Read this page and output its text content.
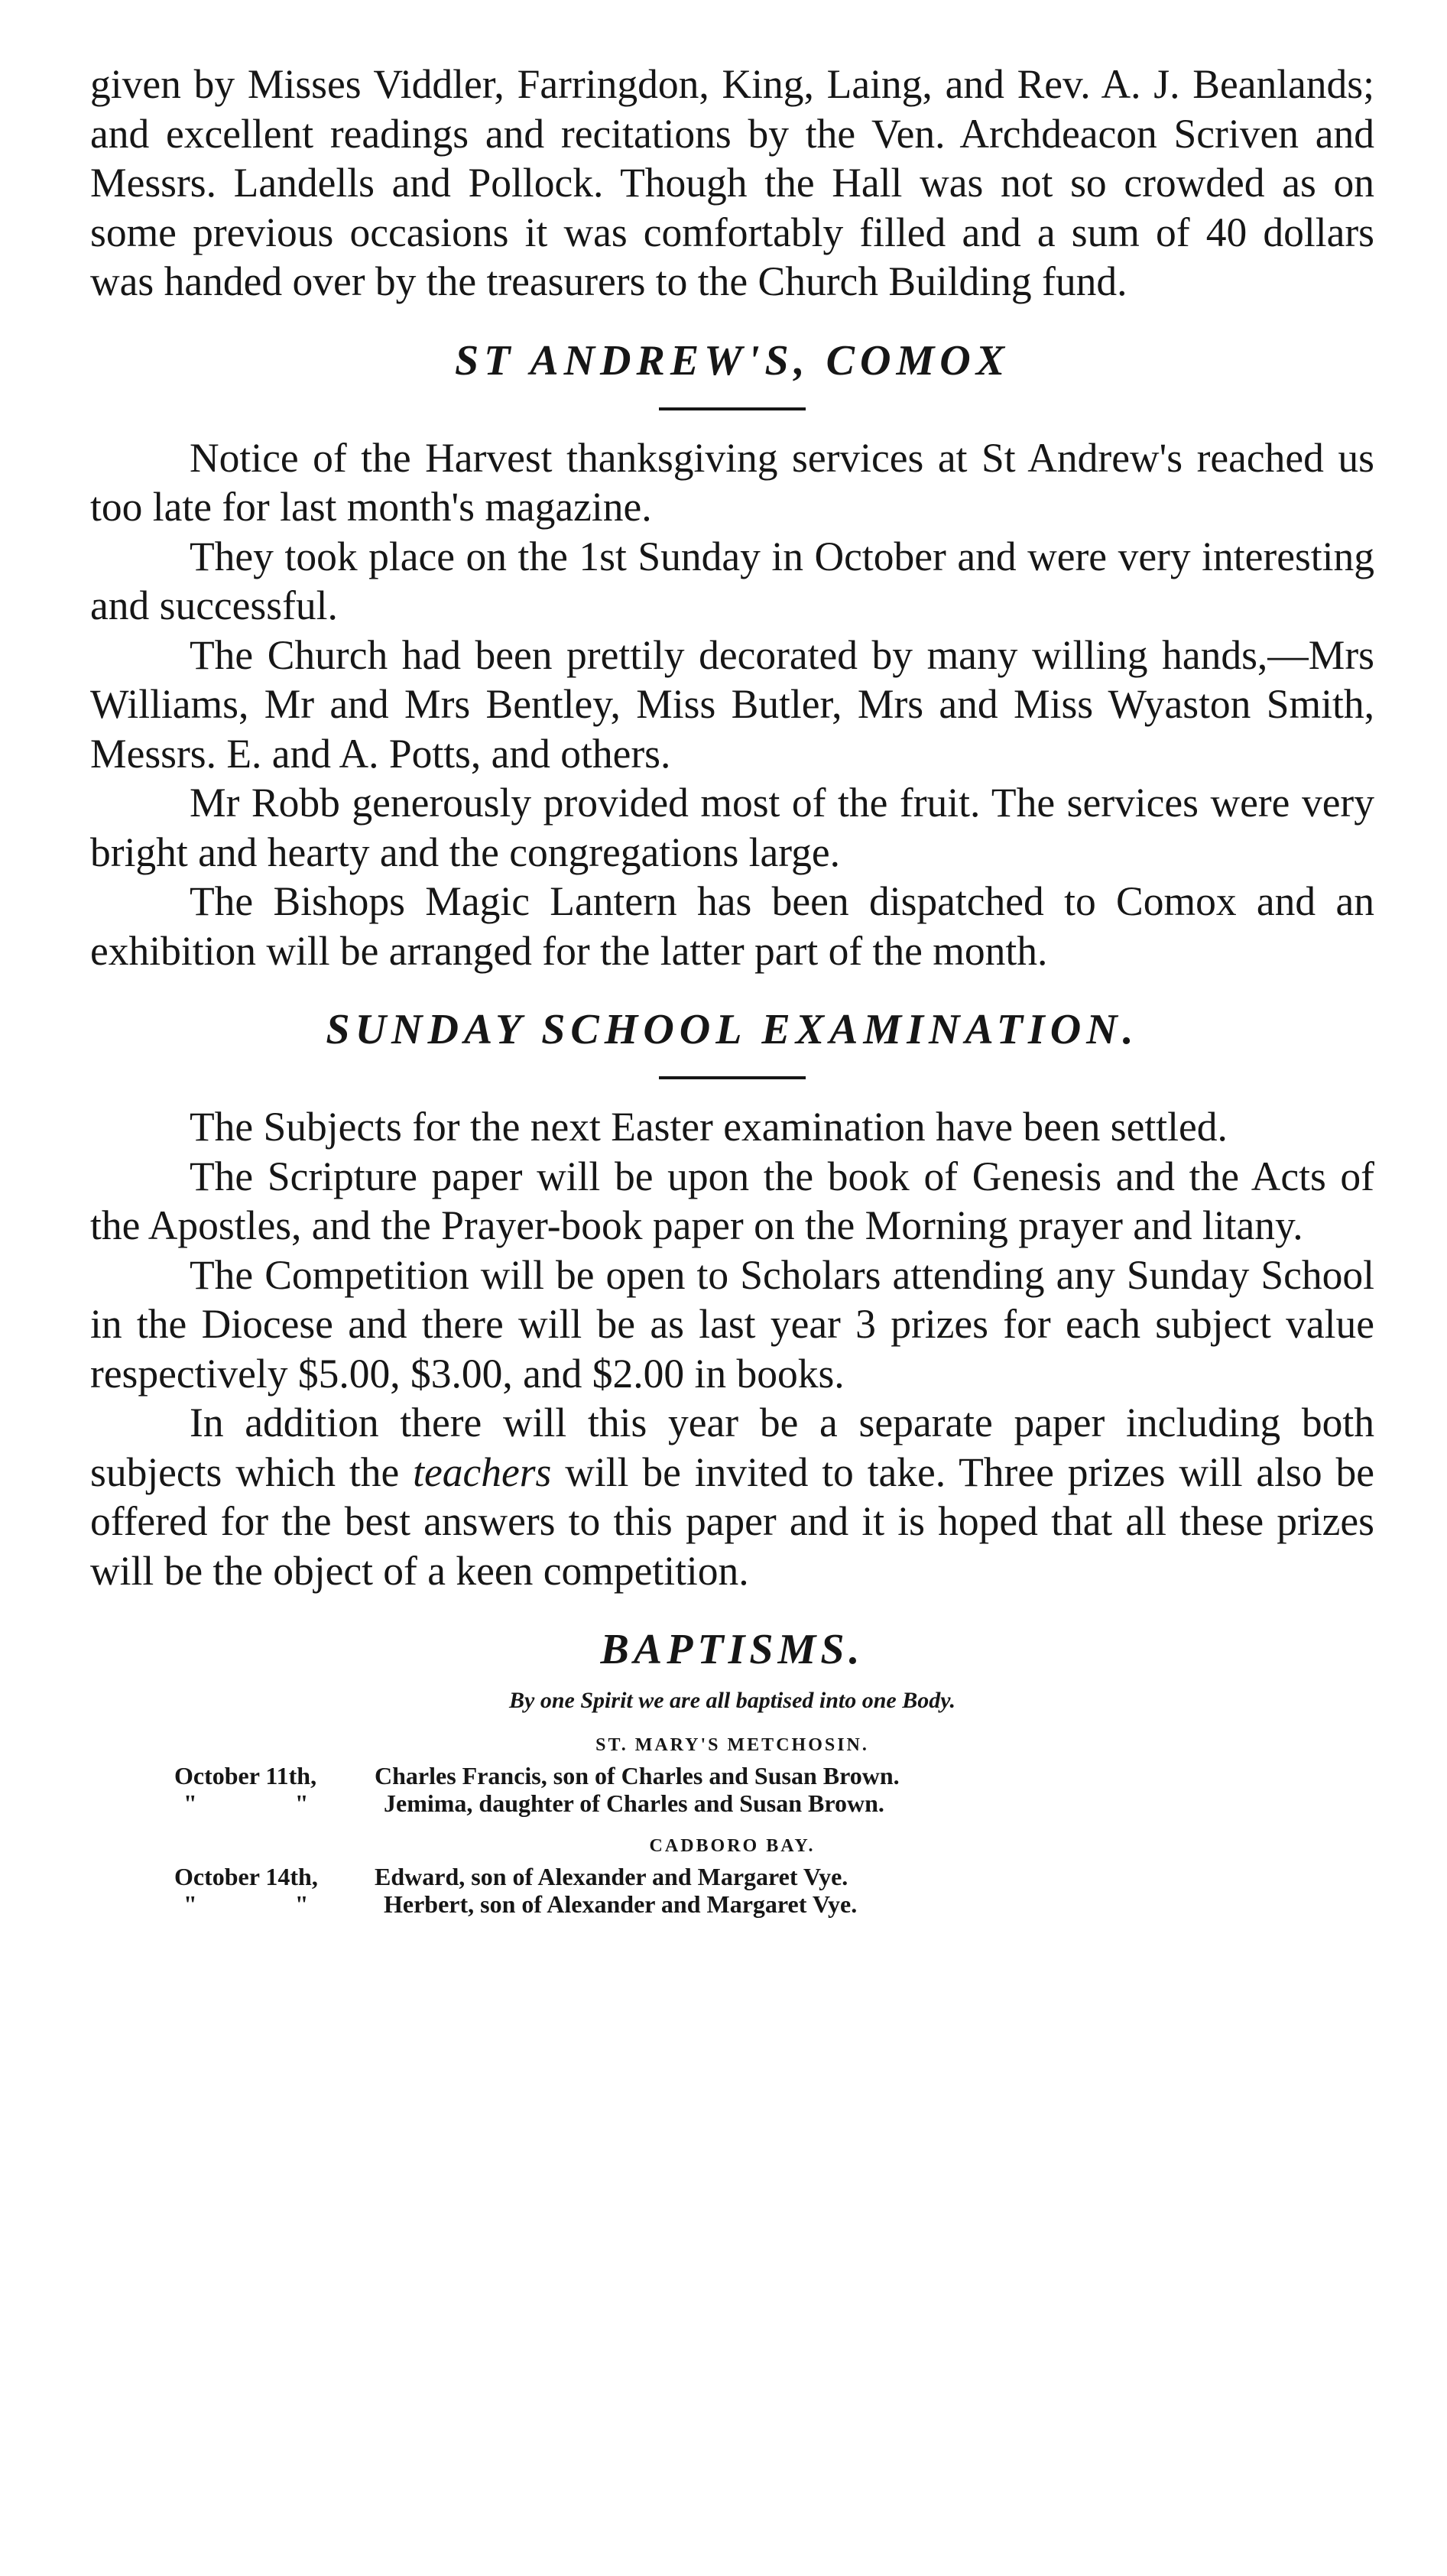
given by Misses Viddler, Farringdon, King, Laing, and Rev. A. J. Beanlands; and excellent readings and recitations by the Ven. Archdeacon Scriven and Messrs. Landells and Pollock. Though the Hall was not so crowded as on some previous occasions it was comfortably filled and a sum of 40 dollars was handed over by the treasurers to the Church Building fund.

ST ANDREW'S, COMOX

Notice of the Harvest thanksgiving services at St Andrew's reached us too late for last month's magazine.

They took place on the 1st Sunday in October and were very interesting and successful.

The Church had been prettily decorated by many willing hands,—Mrs Williams, Mr and Mrs Bentley, Miss Butler, Mrs and Miss Wyaston Smith, Messrs. E. and A. Potts, and others.

Mr Robb generously provided most of the fruit. The services were very bright and hearty and the congregations large.

The Bishops Magic Lantern has been dispatched to Comox and an exhibition will be arranged for the latter part of the month.

SUNDAY SCHOOL EXAMINATION.

The Subjects for the next Easter examination have been settled.

The Scripture paper will be upon the book of Genesis and the Acts of the Apostles, and the Prayer-book paper on the Morning prayer and litany.

The Competition will be open to Scholars attending any Sunday School in the Diocese and there will be as last year 3 prizes for each subject value respectively $5.00, $3.00, and $2.00 in books.

In addition there will this year be a separate paper including both subjects which the teachers will be invited to take. Three prizes will also be offered for the best answers to this paper and it is hoped that all these prizes will be the object of a keen competition.

BAPTISMS.

By one Spirit we are all baptised into one Body.

ST. MARY'S METCHOSIN.

October 11th,	Charles Francis, son of Charles and Susan Brown.
" "	Jemima, daughter of Charles and Susan Brown.

CADBORO BAY.

October 14th,	Edward, son of Alexander and Margaret Vye.
" "	Herbert, son of Alexander and Margaret Vye.
